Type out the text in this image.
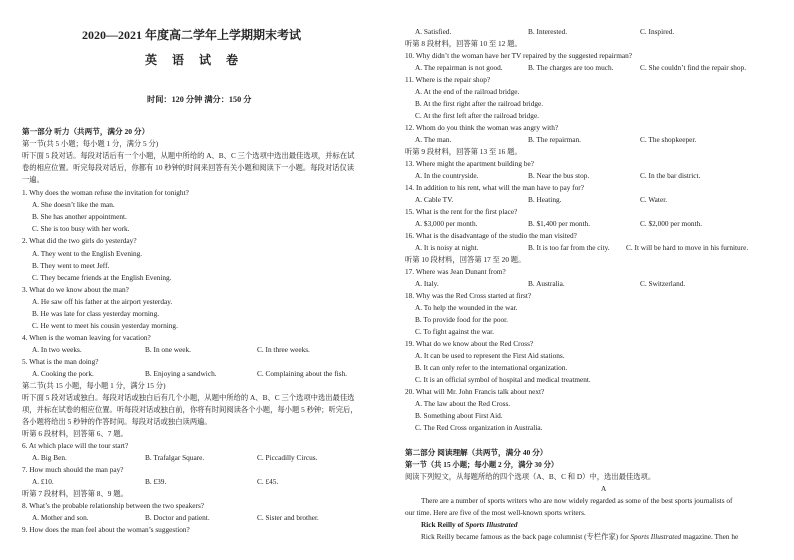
2020—2021 年度高二学年上学期期末考试
英 语 试 卷
时间：120 分钟 满分：150 分
第一部分 听力（共两节，满分 20 分）
第一节(共 5 小题；每小题 1 分，满分 5 分)
听下面 5 段对话。每段对话后有一个小题，从题中所给的 A、B、C 三个选项中选出最佳选项，并标在试
卷的相应位置。听完每段对话后，你都有 10 秒钟的时间来回答有关小题和阅读下一小题。每段对话仅读
一遍。
1. Why does the woman refuse the invitation for tonight?
A. She doesn’t like the man.
B. She has another appointment.
C. She is too busy with her work.
2. What did the two girls do yesterday?
A. They went to the English Evening.
B. They went to meet Jeff.
C. They became friends at the English Evening.
3. What do we know about the man?
A. He saw off his father at the airport yesterday.
B. He was late for class yesterday morning.
C. He went to meet his cousin yesterday morning.
4. When is the woman leaving for vacation?
A. In two weeks.	B. In one week.	C. In three weeks.
5. What is the man doing?
A. Cooking the pork.	B. Enjoying a sandwich.	C. Complaining about the fish.
第二节(共 15 小题，每小题 1 分，满分 15 分)
听下面 5 段对话或独白。每段对话或独白后有几个小题，从题中所给的 A、B、C 三个选项中选出最佳选
项，并标在试卷的相应位置。听每段对话或独白前，你将有时间阅读各个小题，每小题 5 秒钟；听完后，
各小题将给出 5 秒钟的作答时间。每段对话或独白读两遍。
听第 6 段材料，回答第 6、7 题。
6. At which place will the tour start?
A. Big Ben.	B. Trafalgar Square.	C. Piccadilly Circus.
7. How much should the man pay?
A. £10.	B. £39.	C. £45.
听第 7 段材料，回答第 8、9 题。
8. What’s the probable relationship between the two speakers?
A. Mother and son.	B. Doctor and patient.	C. Sister and brother.
9. How does the man feel about the woman’s suggestion?
A. Satisfied.	B. Interested.	C. Inspired.
听第 8 段材料，回答第 10 至 12 题。
10. Why didn’t the woman have her TV repaired by the suggested repairman?
A. The repairman is not good.	B. The charges are too much.	C. She couldn’t find the repair shop.
11. Where is the repair shop?
A. At the end of the railroad bridge.
B. At the first right after the railroad bridge.
C. At the first left after the railroad bridge.
12. Whom do you think the woman was angry with?
A. The man.	B. The repairman.	C. The shopkeeper.
听第 9 段材料，回答第 13 至 16 题。
13. Where might the apartment building be?
A. In the countryside.	B. Near the bus stop.	C. In the bar district.
14. In addition to his rent, what will the man have to pay for?
A. Cable TV.	B. Heating.	C. Water.
15. What is the rent for the first place?
A. $3,000 per month.	B. $1,400 per month.	C. $2,000 per month.
16. What is the disadvantage of the studio the man visited?
A. It is noisy at night.	B. It is too far from the city. C. It will be hard to move in his furniture.
听第 10 段材料，回答第 17 至 20 题。
17. Where was Jean Dunant from?
A. Italy.	B. Australia.	C. Switzerland.
18. Why was the Red Cross started at first?
A. To help the wounded in the war.
B. To provide food for the poor.
C. To fight against the war.
19. What do we know about the Red Cross?
A. It can be used to represent the First Aid stations.
B. It can only refer to the international organization.
C. It is an official symbol of hospital and medical treatment.
20. What will Mr. John Francis talk about next?
A. The law about the Red Cross.
B. Something about First Aid.
C. The Red Cross organization in Australia.
第二部分 阅读理解（共两节，满分 40 分）
第一节（共 15 小题；每小题 2 分，满分 30 分）
阅读下列短文，从每题所给的四个选项（A、B、C 和 D）中，选出最佳选项。
A
There are a number of sports writers who are now widely regarded as some of the best sports journalists of
our time. Here are five of the most well-known sports writers.
Rick Reilly of Sports Illustrated
Rick Reilly became famous as the back page columnist (专栏作家) for Sports Illustrated magazine. Then he
